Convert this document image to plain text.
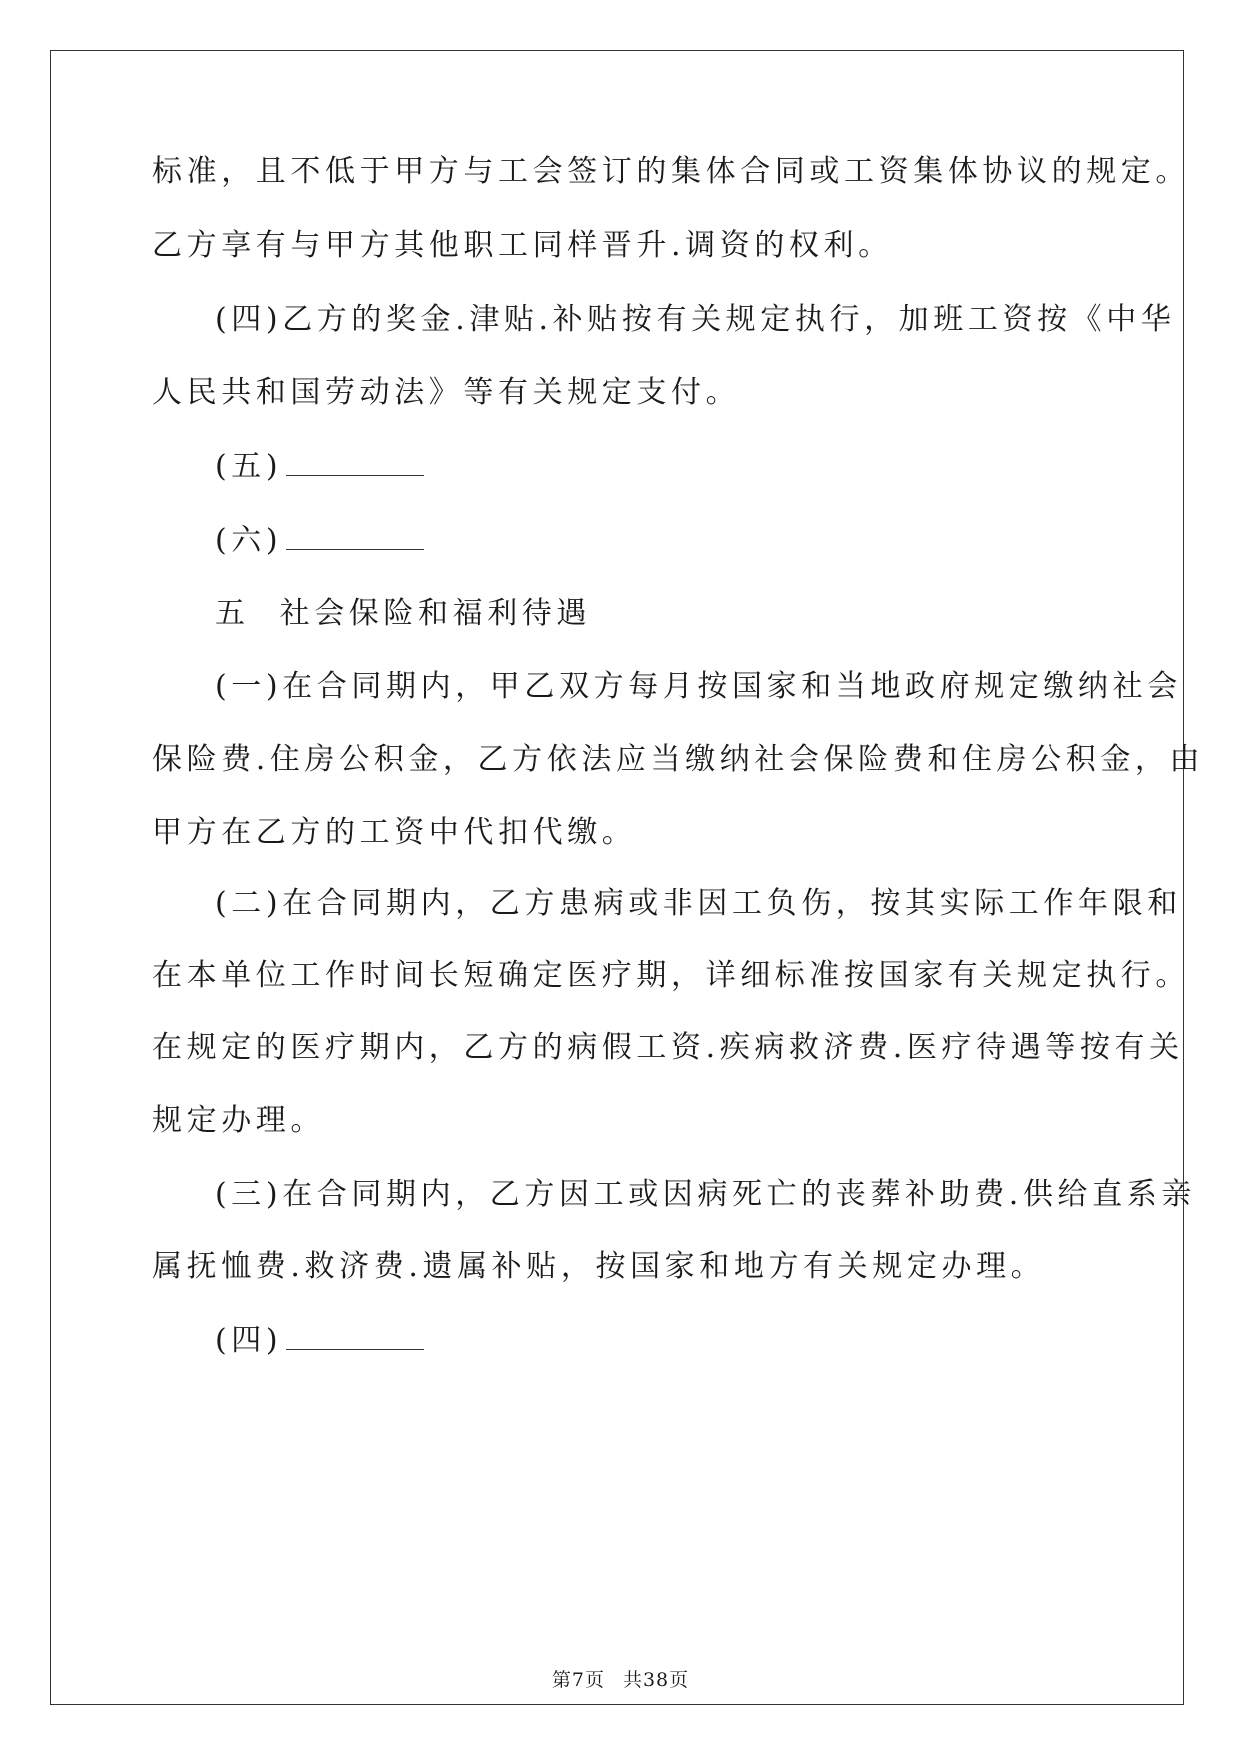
标准，且不低于甲方与工会签订的集体合同或工资集体协议的规定。
乙方享有与甲方其他职工同样晋升.调资的权利。
(四)乙方的奖金.津贴.补贴按有关规定执行，加班工资按《中华
人民共和国劳动法》等有关规定支付。
(五)
(六)
五 社会保险和福利待遇
(一)在合同期内，甲乙双方每月按国家和当地政府规定缴纳社会
保险费.住房公积金，乙方依法应当缴纳社会保险费和住房公积金，由
甲方在乙方的工资中代扣代缴。
(二)在合同期内，乙方患病或非因工负伤，按其实际工作年限和
在本单位工作时间长短确定医疗期，详细标准按国家有关规定执行。
在规定的医疗期内，乙方的病假工资.疾病救济费.医疗待遇等按有关
规定办理。
(三)在合同期内，乙方因工或因病死亡的丧葬补助费.供给直系亲
属抚恤费.救济费.遗属补贴，按国家和地方有关规定办理。
(四)
第7页 共38页
